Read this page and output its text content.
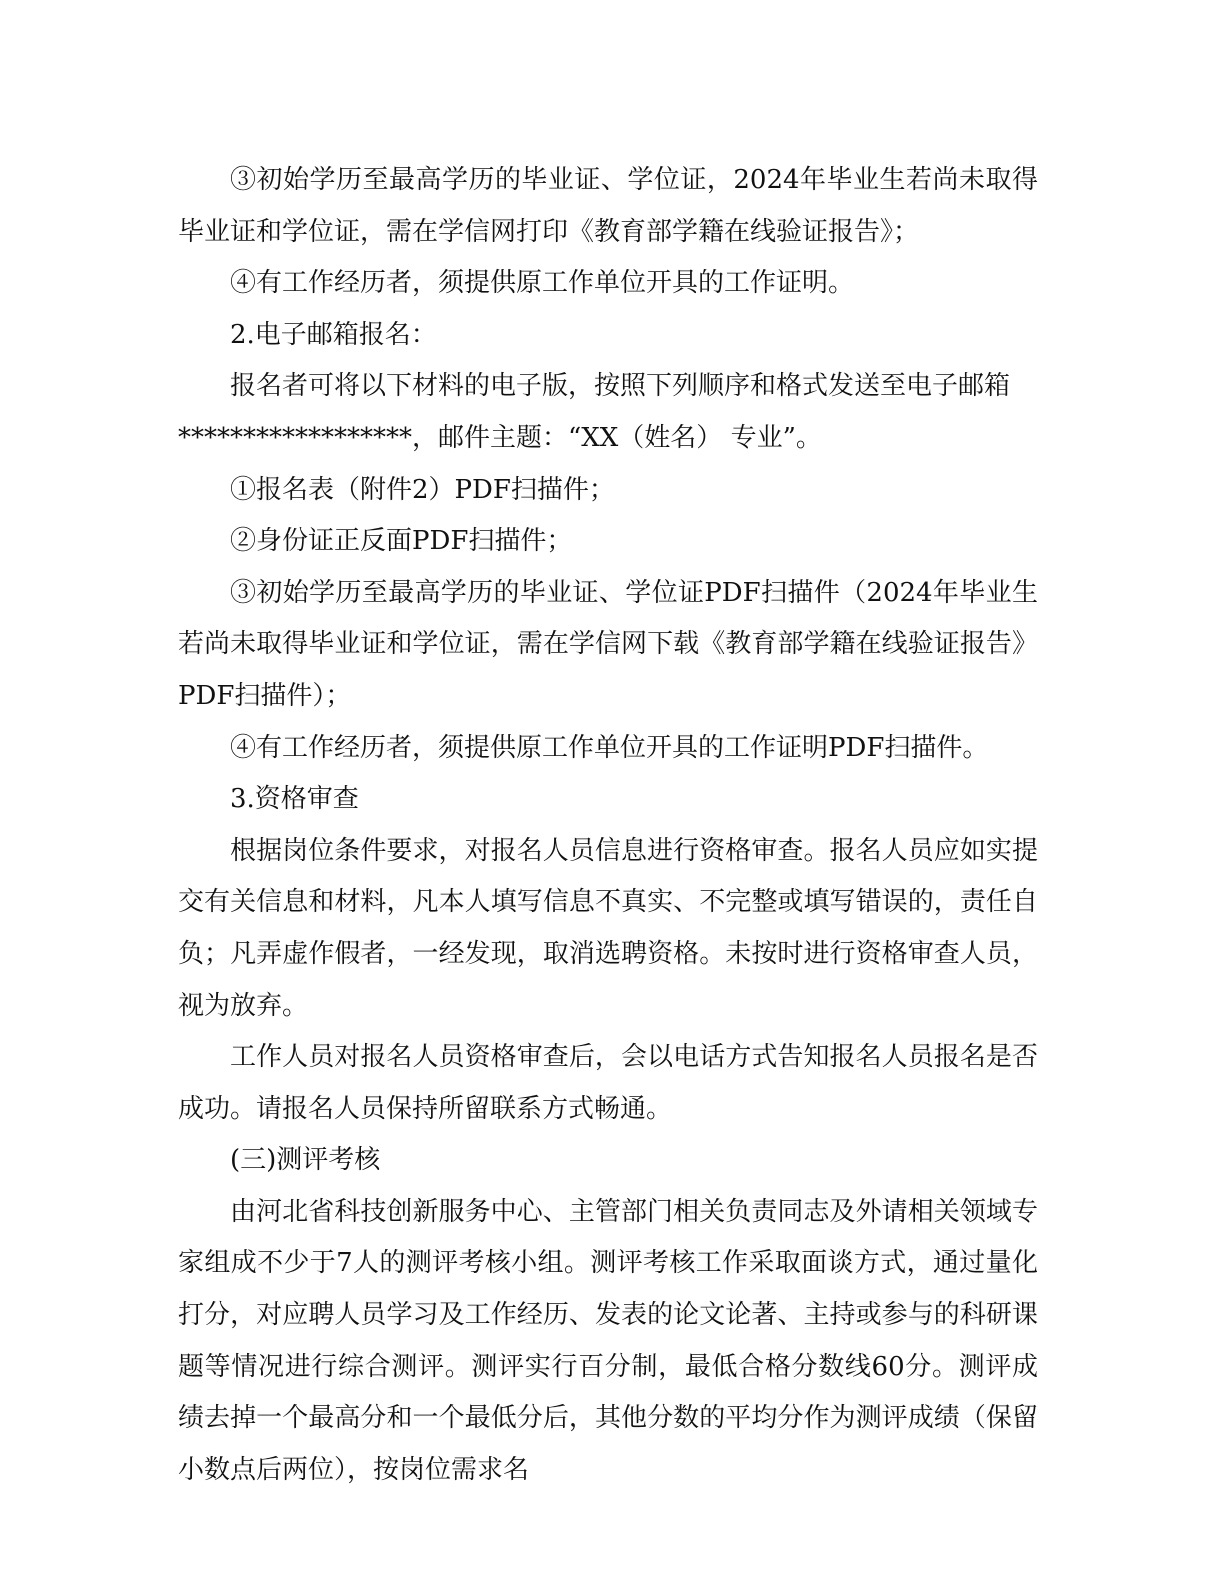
③初始学历至最高学历的毕业证、学位证，2024年毕业生若尚未取得毕业证和学位证，需在学信网打印《教育部学籍在线验证报告》；

④有工作经历者，须提供原工作单位开具的工作证明。

2.电子邮箱报名：

报名者可将以下材料的电子版，按照下列顺序和格式发送至电子邮箱

******************，邮件主题：“XX（姓名） 专业”。

①报名表（附件2）PDF扫描件；

②身份证正反面PDF扫描件；

③初始学历至最高学历的毕业证、学位证PDF扫描件（2024年毕业生若尚未取得毕业证和学位证，需在学信网下载《教育部学籍在线验证报告》PDF扫描件）；

④有工作经历者，须提供原工作单位开具的工作证明PDF扫描件。

3.资格审查

根据岗位条件要求，对报名人员信息进行资格审查。报名人员应如实提交有关信息和材料，凡本人填写信息不真实、不完整或填写错误的，责任自负；凡弄虚作假者，一经发现，取消选聘资格。未按时进行资格审查人员，视为放弃。

工作人员对报名人员资格审查后，会以电话方式告知报名人员报名是否成功。请报名人员保持所留联系方式畅通。

(三)测评考核

由河北省科技创新服务中心、主管部门相关负责同志及外请相关领域专家组成不少于7人的测评考核小组。测评考核工作采取面谈方式，通过量化打分，对应聘人员学习及工作经历、发表的论文论著、主持或参与的科研课题等情况进行综合测评。测评实行百分制，最低合格分数线60分。测评成绩去掉一个最高分和一个最低分后，其他分数的平均分作为测评成绩（保留小数点后两位），按岗位需求名
